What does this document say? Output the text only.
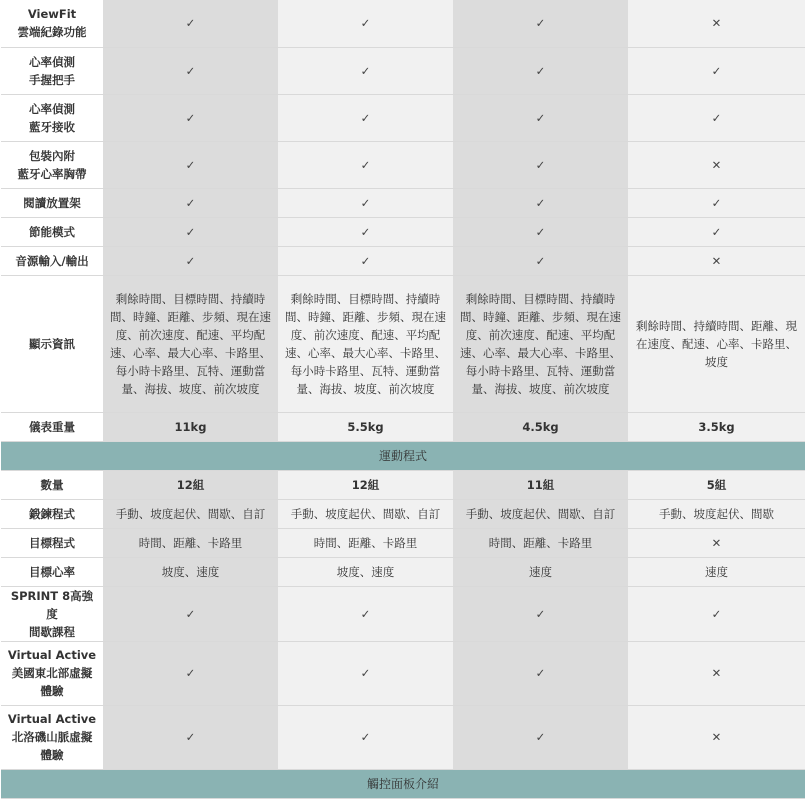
ViewFit
雲端紀錄功能	✓	✓	✓	✕

心率偵測
手握把手	✓	✓	✓	✓

心率偵測
藍牙接收	✓	✓	✓	✓

包裝內附
藍牙心率胸帶	✓	✓	✓	✕

閱讀放置架	✓	✓	✓	✓

節能模式	✓	✓	✓	✓

音源輸入/輸出	✓	✓	✓	✕
顯示資訊	剩餘時間、目標時間、持續時間、時鐘、距離、步頻、現在速度、前次速度、配速、平均配速、心率、最大心率、卡路里、每小時卡路里、瓦特、運動當量、海拔、坡度、前次坡度	剩餘時間、目標時間、持續時間、時鐘、距離、步頻、現在速度、前次速度、配速、平均配速、心率、最大心率、卡路里、每小時卡路里、瓦特、運動當量、海拔、坡度、前次坡度	剩餘時間、目標時間、持續時間、時鐘、距離、步頻、現在速度、前次速度、配速、平均配速、心率、最大心率、卡路里、每小時卡路里、瓦特、運動當量、海拔、坡度、前次坡度	剩餘時間、持續時間、距離、現在速度、配速、心率、卡路里、坡度
儀表重量	11kg	5.5kg	4.5kg	3.5kg
運動程式				

數量	12組	12組	11組	5組

鍛鍊程式	手動、坡度起伏、間歇、自訂	手動、坡度起伏、間歇、自訂	手動、坡度起伏、間歇、自訂	手動、坡度起伏、間歇

目標程式	時間、距離、卡路里	時間、距離、卡路里	時間、距離、卡路里	✕

目標心率	坡度、速度	坡度、速度	速度	速度

SPRINT 8高強度
間歇課程	✓	✓	✓	✓

Virtual Active
美國東北部虛擬
體驗	✓	✓	✓	✕

Virtual Active
北洛磯山脈虛擬
體驗	✓	✓	✓	✕
觸控面板介紹				
